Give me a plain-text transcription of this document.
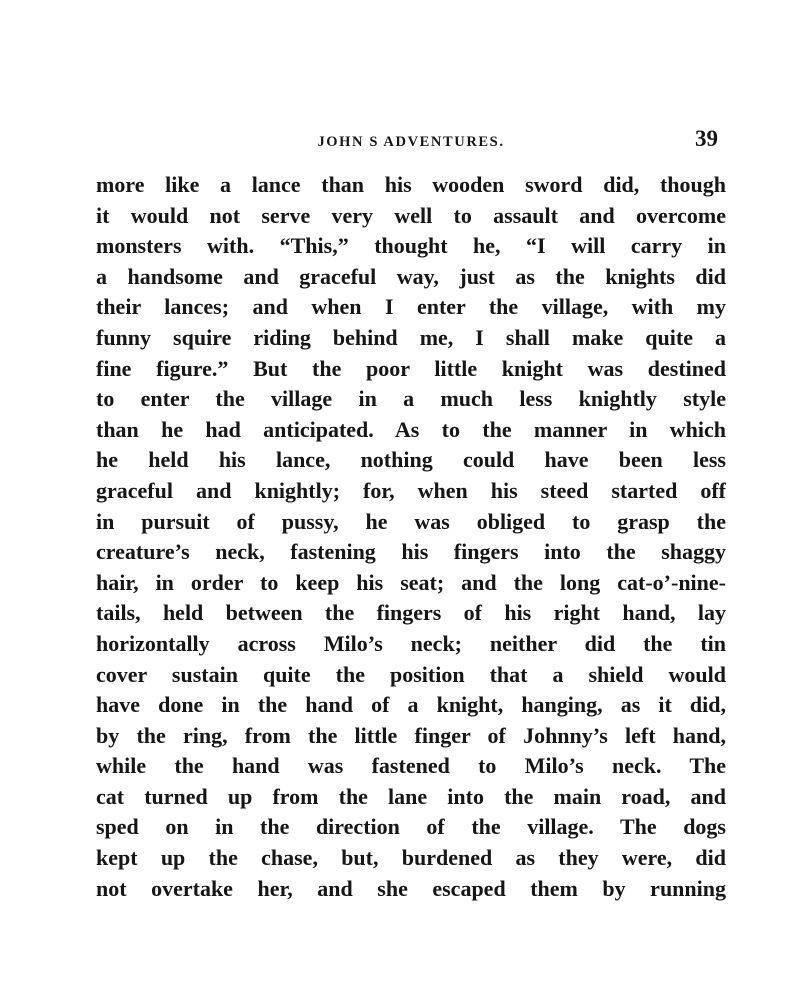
JOHN S ADVENTURES.	39
more like a lance than his wooden sword did, though
it would not serve very well to assault and overcome
monsters with. “This,” thought he, “I will carry in
a handsome and graceful way, just as the knights did
their lances; and when I enter the village, with my
funny squire riding behind me, I shall make quite a
fine figure.” But the poor little knight was destined
to enter the village in a much less knightly style
than he had anticipated. As to the manner in which
he held his lance, nothing could have been less
graceful and knightly; for, when his steed started off
in pursuit of pussy, he was obliged to grasp the
creature’s neck, fastening his fingers into the shaggy
hair, in order to keep his seat; and the long cat-o’-nine-
tails, held between the fingers of his right hand, lay
horizontally across Milo’s neck; neither did the tin
cover sustain quite the position that a shield would
have done in the hand of a knight, hanging, as it did,
by the ring, from the little finger of Johnny’s left hand,
while the hand was fastened to Milo’s neck. The
cat turned up from the lane into the main road, and
sped on in the direction of the village. The dogs
kept up the chase, but, burdened as they were, did
not overtake her, and she escaped them by running
